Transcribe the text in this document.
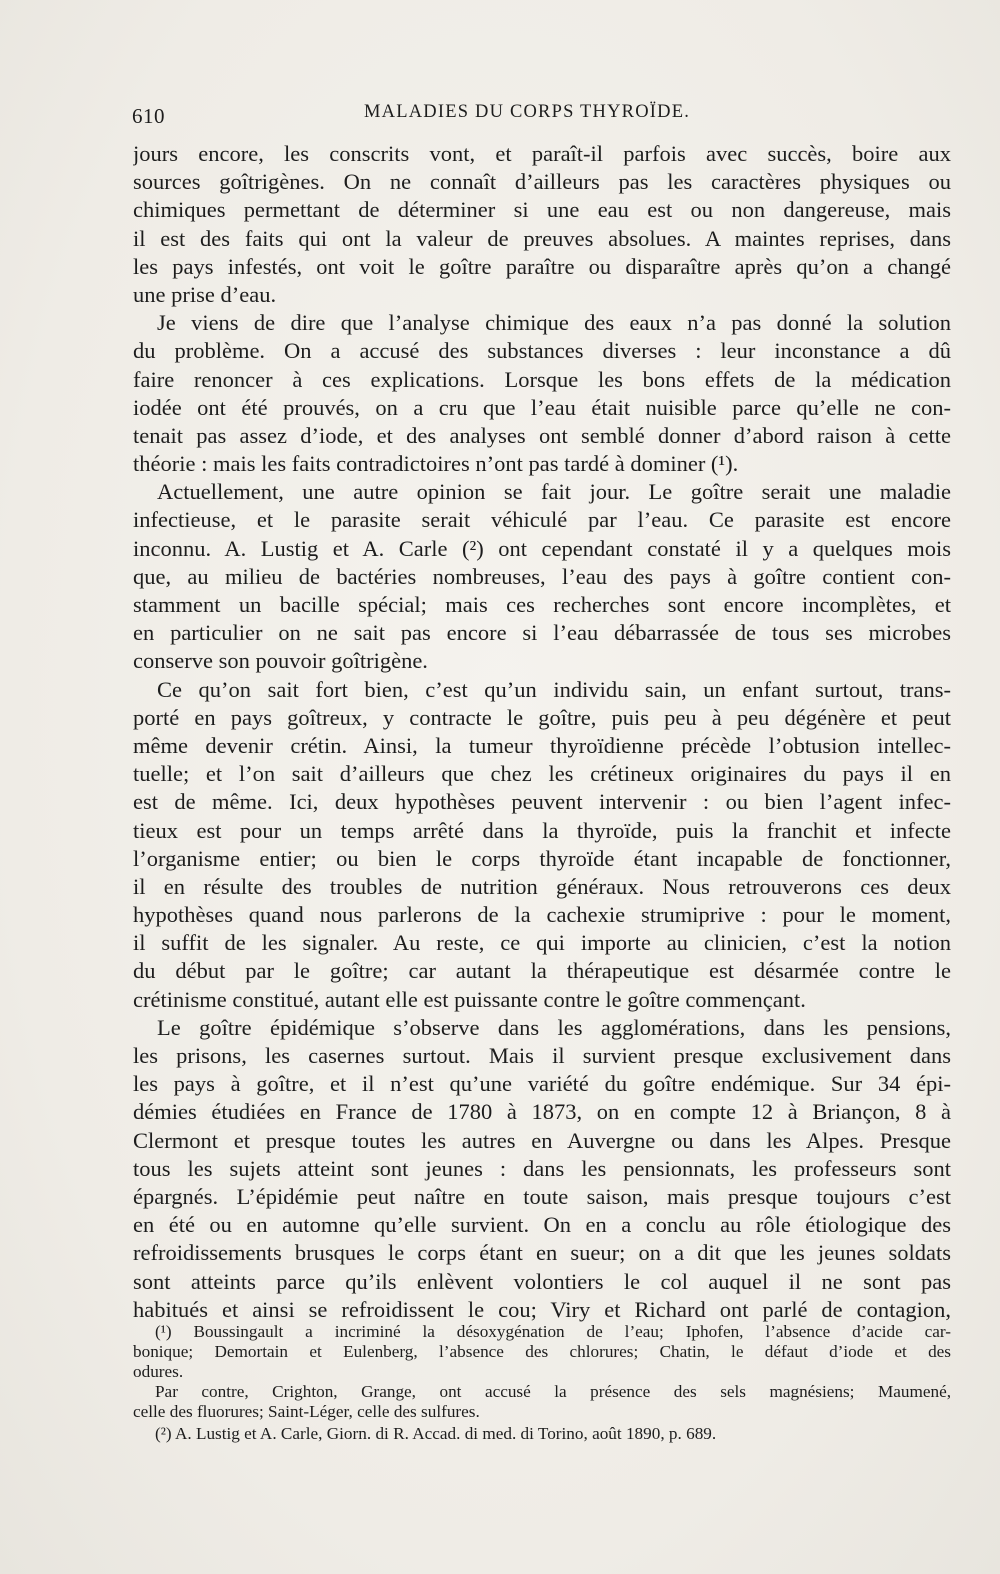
610	MALADIES DU CORPS THYROÏDE.
jours encore, les conscrits vont, et paraît-il parfois avec succès, boire aux
sources goîtrigènes. On ne connaît d’ailleurs pas les caractères physiques ou
chimiques permettant de déterminer si une eau est ou non dangereuse, mais
il est des faits qui ont la valeur de preuves absolues. A maintes reprises, dans
les pays infestés, ont voit le goître paraître ou disparaître après qu’on a changé
une prise d’eau.
Je viens de dire que l’analyse chimique des eaux n’a pas donné la solution
du problème. On a accusé des substances diverses : leur inconstance a dû
faire renoncer à ces explications. Lorsque les bons effets de la médication
iodée ont été prouvés, on a cru que l’eau était nuisible parce qu’elle ne con-
tenait pas assez d’iode, et des analyses ont semblé donner d’abord raison à cette
théorie : mais les faits contradictoires n’ont pas tardé à dominer (¹).
Actuellement, une autre opinion se fait jour. Le goître serait une maladie
infectieuse, et le parasite serait véhiculé par l’eau. Ce parasite est encore
inconnu. A. Lustig et A. Carle (²) ont cependant constaté il y a quelques mois
que, au milieu de bactéries nombreuses, l’eau des pays à goître contient con-
stamment un bacille spécial; mais ces recherches sont encore incomplètes, et
en particulier on ne sait pas encore si l’eau débarrassée de tous ses microbes
conserve son pouvoir goîtrigène.
Ce qu’on sait fort bien, c’est qu’un individu sain, un enfant surtout, trans-
porté en pays goîtreux, y contracte le goître, puis peu à peu dégénère et peut
même devenir crétin. Ainsi, la tumeur thyroïdienne précède l’obtusion intellec-
tuelle; et l’on sait d’ailleurs que chez les crétineux originaires du pays il en
est de même. Ici, deux hypothèses peuvent intervenir : ou bien l’agent infec-
tieux est pour un temps arrêté dans la thyroïde, puis la franchit et infecte
l’organisme entier; ou bien le corps thyroïde étant incapable de fonctionner,
il en résulte des troubles de nutrition généraux. Nous retrouverons ces deux
hypothèses quand nous parlerons de la cachexie strumiprive : pour le moment,
il suffit de les signaler. Au reste, ce qui importe au clinicien, c’est la notion
du début par le goître; car autant la thérapeutique est désarmée contre le
crétinisme constitué, autant elle est puissante contre le goître commençant.
Le goître épidémique s’observe dans les agglomérations, dans les pensions,
les prisons, les casernes surtout. Mais il survient presque exclusivement dans
les pays à goître, et il n’est qu’une variété du goître endémique. Sur 34 épi-
démies étudiées en France de 1780 à 1873, on en compte 12 à Briançon, 8 à
Clermont et presque toutes les autres en Auvergne ou dans les Alpes. Presque
tous les sujets atteint sont jeunes : dans les pensionnats, les professeurs sont
épargnés. L’épidémie peut naître en toute saison, mais presque toujours c’est
en été ou en automne qu’elle survient. On en a conclu au rôle étiologique des
refroidissements brusques le corps étant en sueur; on a dit que les jeunes soldats
sont atteints parce qu’ils enlèvent volontiers le col auquel il ne sont pas
habitués et ainsi se refroidissent le cou; Viry et Richard ont parlé de contagion,
(¹) Boussingault a incriminé la désoxygénation de l’eau; Iphofen, l’absence d’acide car-
bonique; Demortain et Eulenberg, l’absence des chlorures; Chatin, le défaut d’iode et des
odures.
Par contre, Crighton, Grange, ont accusé la présence des sels magnésiens; Maumené,
celle des fluorures; Saint-Léger, celle des sulfures.
(²) A. Lustig et A. Carle, Giorn. di R. Accad. di med. di Torino, août 1890, p. 689.
